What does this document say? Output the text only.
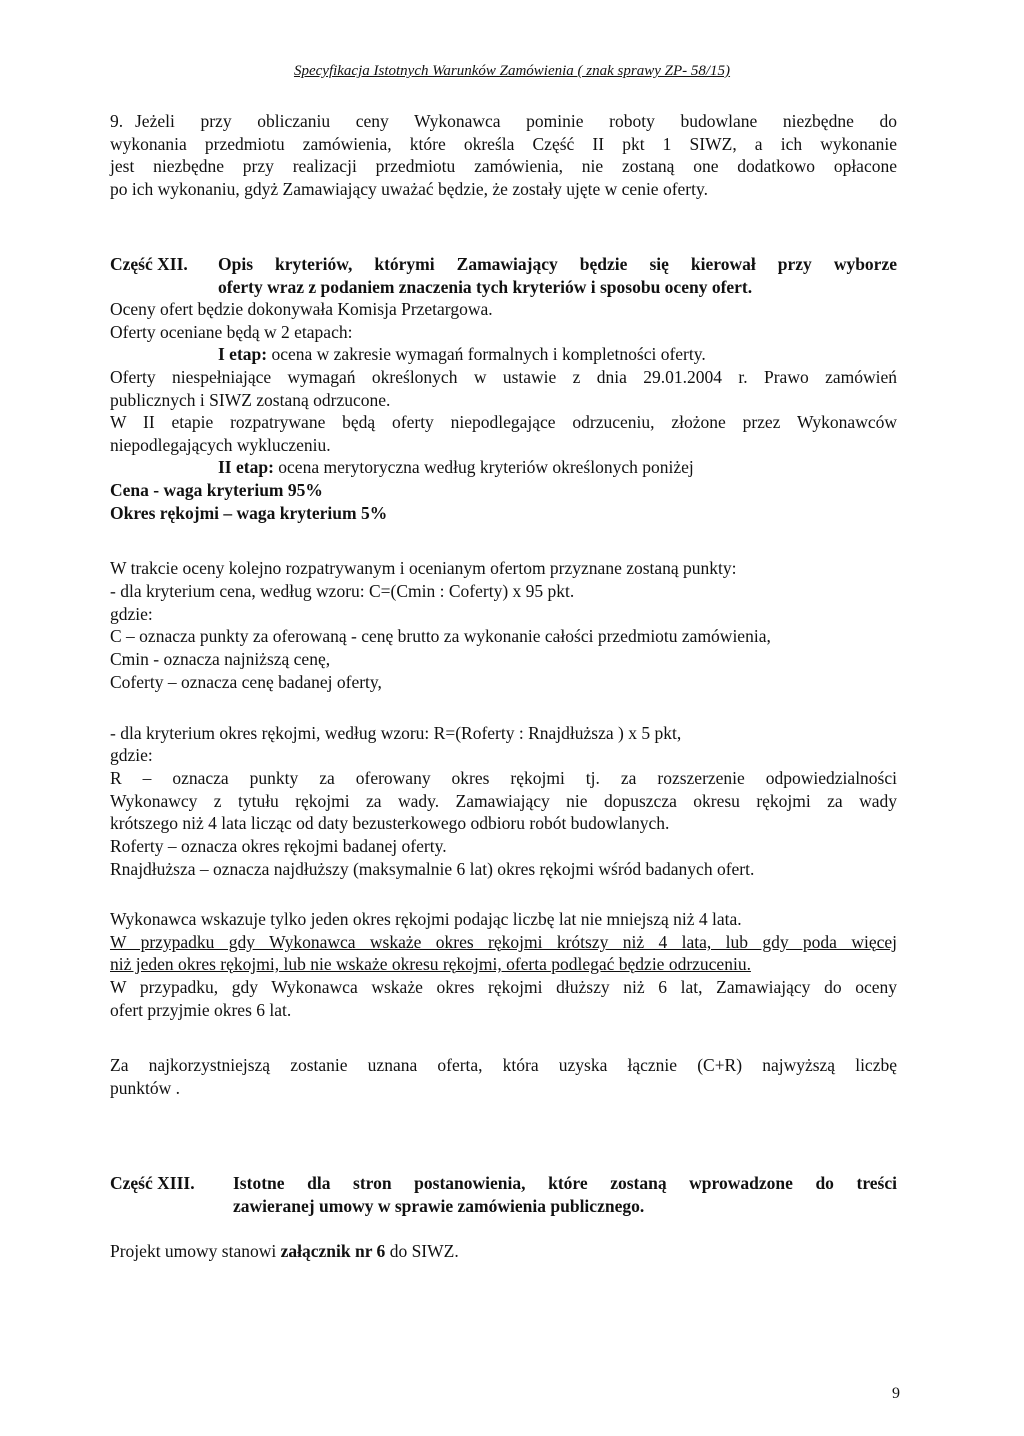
Specyfikacja Istotnych Warunków Zamówienia ( znak sprawy ZP- 58/15)
9. Jeżeli przy obliczaniu ceny Wykonawca pominie roboty budowlane niezbędne do
wykonania przedmiotu zamówienia, które określa Część II pkt 1 SIWZ, a ich wykonanie
jest niezbędne przy realizacji przedmiotu zamówienia, nie zostaną one dodatkowo opłacone
po ich wykonaniu, gdyż Zamawiający uważać będzie, że zostały ujęte w cenie oferty.
Część XII. Opis kryteriów, którymi Zamawiający będzie się kierował przy wyborze
oferty wraz z podaniem znaczenia tych kryteriów i sposobu oceny ofert.
Oceny ofert będzie dokonywała Komisja Przetargowa.
Oferty oceniane będą w 2 etapach:
I etap: ocena w zakresie wymagań formalnych i kompletności oferty.
Oferty niespełniające wymagań określonych w ustawie z dnia 29.01.2004 r. Prawo zamówień
publicznych i SIWZ zostaną odrzucone.
W II etapie rozpatrywane będą oferty niepodlegające odrzuceniu, złożone przez Wykonawców
niepodlegających wykluczeniu.
II etap: ocena merytoryczna według kryteriów określonych poniżej
Cena - waga kryterium 95%
Okres rękojmi – waga kryterium 5%
W trakcie oceny kolejno rozpatrywanym i ocenianym ofertom przyznane zostaną punkty:
- dla kryterium cena, według wzoru: C=(Cmin : Coferty) x 95 pkt.
gdzie:
C – oznacza punkty za oferowaną - cenę brutto za wykonanie całości przedmiotu zamówienia,
Cmin - oznacza najniższą cenę,
Coferty – oznacza cenę badanej oferty,
- dla kryterium okres rękojmi, według wzoru: R=(Roferty : Rnajdłuższa ) x 5 pkt,
gdzie:
R – oznacza punkty za oferowany okres rękojmi tj. za rozszerzenie odpowiedzialności
Wykonawcy z tytułu rękojmi za wady. Zamawiający nie dopuszcza okresu rękojmi za wady
krótszego niż 4 lata licząc od daty bezusterkowego odbioru robót budowlanych.
Roferty – oznacza okres rękojmi badanej oferty.
Rnajdłuższa – oznacza najdłuższy (maksymalnie 6 lat) okres rękojmi wśród badanych ofert.
Wykonawca wskazuje tylko jeden okres rękojmi podając liczbę lat nie mniejszą niż 4 lata.
W przypadku gdy Wykonawca wskaże okres rękojmi krótszy niż 4 lata, lub gdy poda więcej
niż jeden okres rękojmi, lub nie wskaże okresu rękojmi, oferta podlegać będzie odrzuceniu.
W przypadku, gdy Wykonawca wskaże okres rękojmi dłuższy niż 6 lat, Zamawiający do oceny
ofert przyjmie okres 6 lat.
Za najkorzystniejszą zostanie uznana oferta, która uzyska łącznie (C+R) najwyższą liczbę
punktów .
Część XIII. Istotne dla stron postanowienia, które zostaną wprowadzone do treści
zawieranej umowy w sprawie zamówienia publicznego.
Projekt umowy stanowi załącznik nr 6 do SIWZ.
9
